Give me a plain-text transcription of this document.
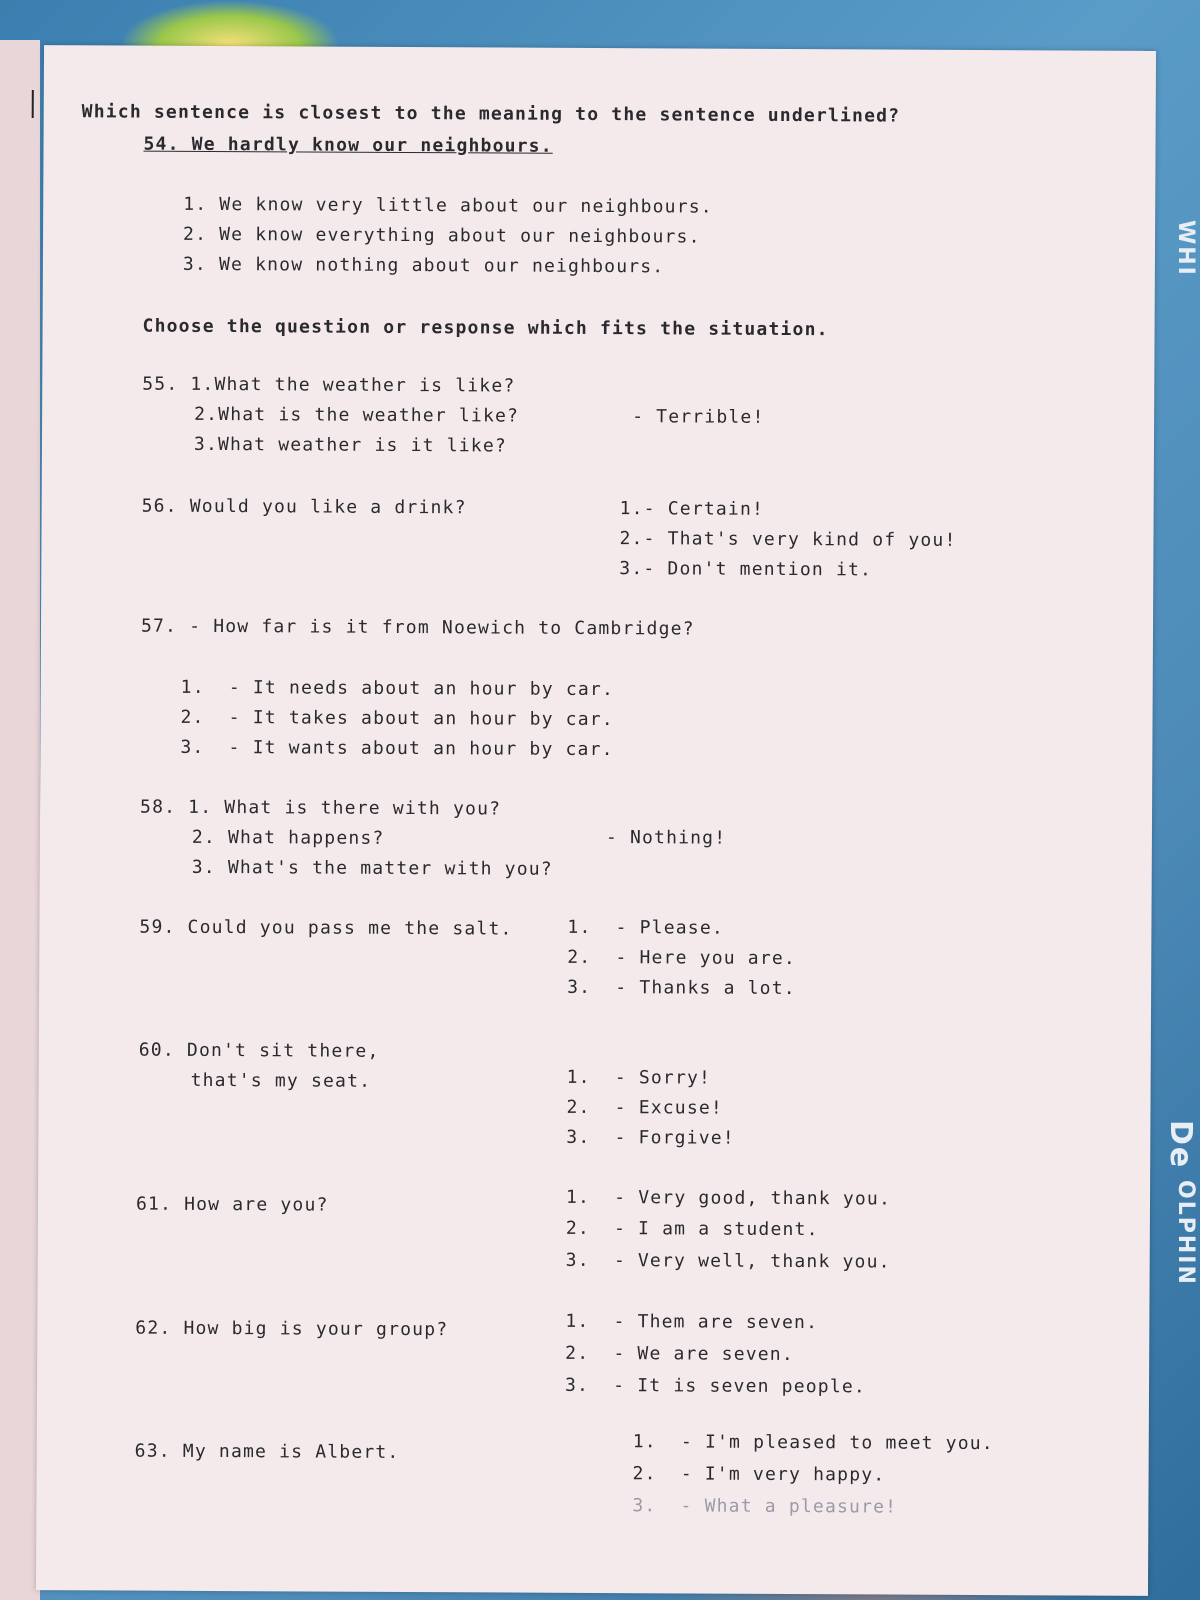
WHI
De
OLPHIN
Which sentence is closest to the meaning to the sentence underlined?
54. We hardly know our neighbours.
1. We know very little about our neighbours.
2. We know everything about our neighbours.
3. We know nothing about our neighbours.
Choose the question or response which fits the situation.
55. 1.What the weather is like?
2.What is the weather like?
3.What weather is it like?
- Terrible!
56. Would you like a drink?	1.- Certain!
2.- That's very kind of you!
3.- Don't mention it.
57. - How far is it from Noewich to Cambridge?
1.  - It needs about an hour by car.
2.  - It takes about an hour by car.
3.  - It wants about an hour by car.
58. 1. What is there with you?
2. What happens?
3. What's the matter with you?
- Nothing!
59. Could you pass me the salt.	1.  - Please.
2.  - Here you are.
3.  - Thanks a lot.
60. Don't sit there,
that's my seat.	1.  - Sorry!
2.  - Excuse!
3.  - Forgive!
61. How are you?	1.  - Very good, thank you.
2.  - I am a student.
3.  - Very well, thank you.
62. How big is your group?	1.  - Them are seven.
2.  - We are seven.
3.  - It is seven people.
63. My name is Albert.	1.  - I'm pleased to meet you.
2.  - I'm very happy.
3.  - What a pleasure!
